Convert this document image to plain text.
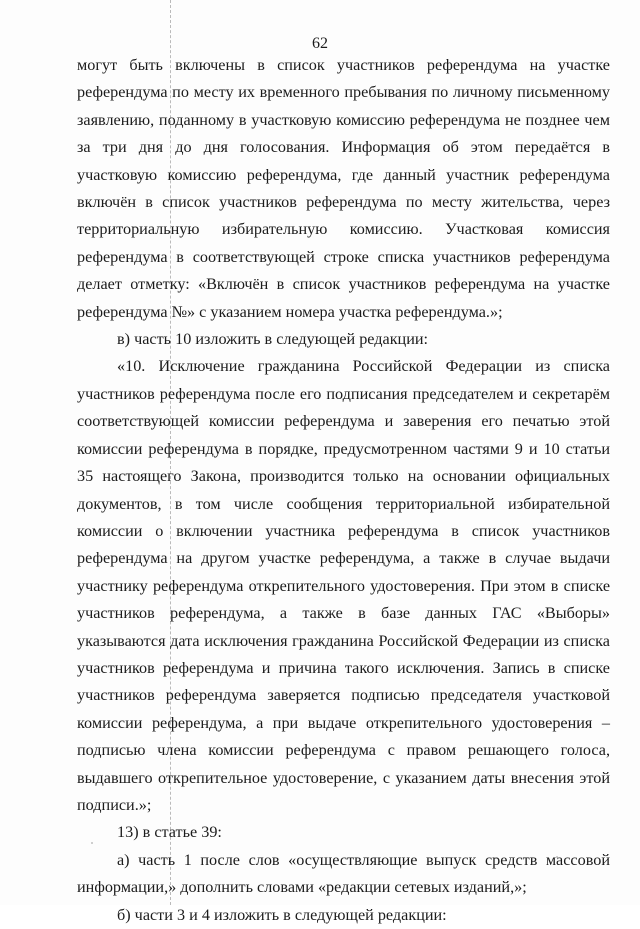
62

могут быть включены в список участников референдума на участке референдума по месту их временного пребывания по личному письменному заявлению, поданному в участковую комиссию референдума не позднее чем за три дня до дня голосования. Информация об этом передаётся в участковую комиссию референдума, где данный участник референдума включён в список участников референдума по месту жительства, через территориальную избирательную комиссию. Участковая комиссия референдума в соответствующей строке списка участников референдума делает отметку: «Включён в список участников референдума на участке референдума №» с указанием номера участка референдума.»;

в) часть 10 изложить в следующей редакции:

«10. Исключение гражданина Российской Федерации из списка участников референдума после его подписания председателем и секретарём соответствующей комиссии референдума и заверения его печатью этой комиссии референдума в порядке, предусмотренном частями 9 и 10 статьи 35 настоящего Закона, производится только на основании официальных документов, в том числе сообщения территориальной избирательной комиссии о включении участника референдума в список участников референдума на другом участке референдума, а также в случае выдачи участнику референдума открепительного удостоверения. При этом в списке участников референдума, а также в базе данных ГАС «Выборы» указываются дата исключения гражданина Российской Федерации из списка участников референдума и причина такого исключения. Запись в списке участников референдума заверяется подписью председателя участковой комиссии референдума, а при выдаче открепительного удостоверения – подписью члена комиссии референдума с правом решающего голоса, выдавшего открепительное удостоверение, с указанием даты внесения этой подписи.»;

13) в статье 39:

а) часть 1 после слов «осуществляющие выпуск средств массовой информации,» дополнить словами «редакции сетевых изданий,»;

б) части 3 и 4 изложить в следующей редакции:
